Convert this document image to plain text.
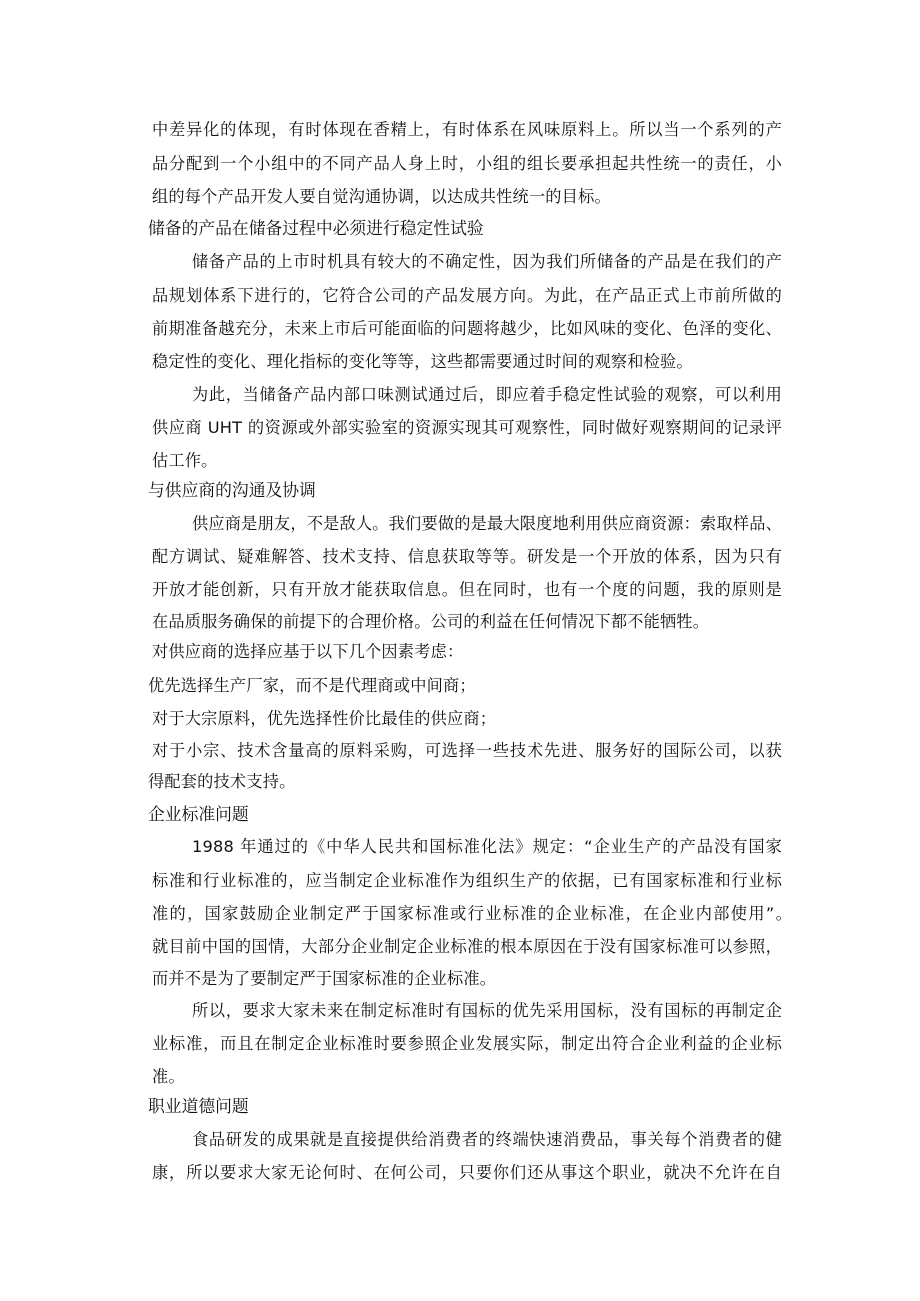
中差异化的体现，有时体现在香精上，有时体系在风味原料上。所以当一个系列的产
品分配到一个小组中的不同产品人身上时，小组的组长要承担起共性统一的责任，小
组的每个产品开发人要自觉沟通协调，以达成共性统一的目标。
储备的产品在储备过程中必须进行稳定性试验
储备产品的上市时机具有较大的不确定性，因为我们所储备的产品是在我们的产
品规划体系下进行的，它符合公司的产品发展方向。为此，在产品正式上市前所做的
前期准备越充分，未来上市后可能面临的问题将越少，比如风味的变化、色泽的变化、
稳定性的变化、理化指标的变化等等，这些都需要通过时间的观察和检验。
为此，当储备产品内部口味测试通过后，即应着手稳定性试验的观察，可以利用
供应商 UHT 的资源或外部实验室的资源实现其可观察性，同时做好观察期间的记录评
估工作。
与供应商的沟通及协调
供应商是朋友，不是敌人。我们要做的是最大限度地利用供应商资源：索取样品、
配方调试、疑难解答、技术支持、信息获取等等。研发是一个开放的体系，因为只有
开放才能创新，只有开放才能获取信息。但在同时，也有一个度的问题，我的原则是
在品质服务确保的前提下的合理价格。公司的利益在任何情况下都不能牺牲。
对供应商的选择应基于以下几个因素考虑：
优先选择生产厂家，而不是代理商或中间商；
对于大宗原料，优先选择性价比最佳的供应商；
对于小宗、技术含量高的原料采购，可选择一些技术先进、服务好的国际公司，以获
得配套的技术支持。
企业标准问题
1988 年通过的《中华人民共和国标准化法》规定：“企业生产的产品没有国家
标准和行业标准的，应当制定企业标准作为组织生产的依据，已有国家标准和行业标
准的，国家鼓励企业制定严于国家标准或行业标准的企业标准，在企业内部使用”。
就目前中国的国情，大部分企业制定企业标准的根本原因在于没有国家标准可以参照，
而并不是为了要制定严于国家标准的企业标准。
所以，要求大家未来在制定标准时有国标的优先采用国标，没有国标的再制定企
业标准，而且在制定企业标准时要参照企业发展实际，制定出符合企业利益的企业标
准。
职业道德问题
食品研发的成果就是直接提供给消费者的终端快速消费品，事关每个消费者的健
康，所以要求大家无论何时、在何公司，只要你们还从事这个职业，就决不允许在自
